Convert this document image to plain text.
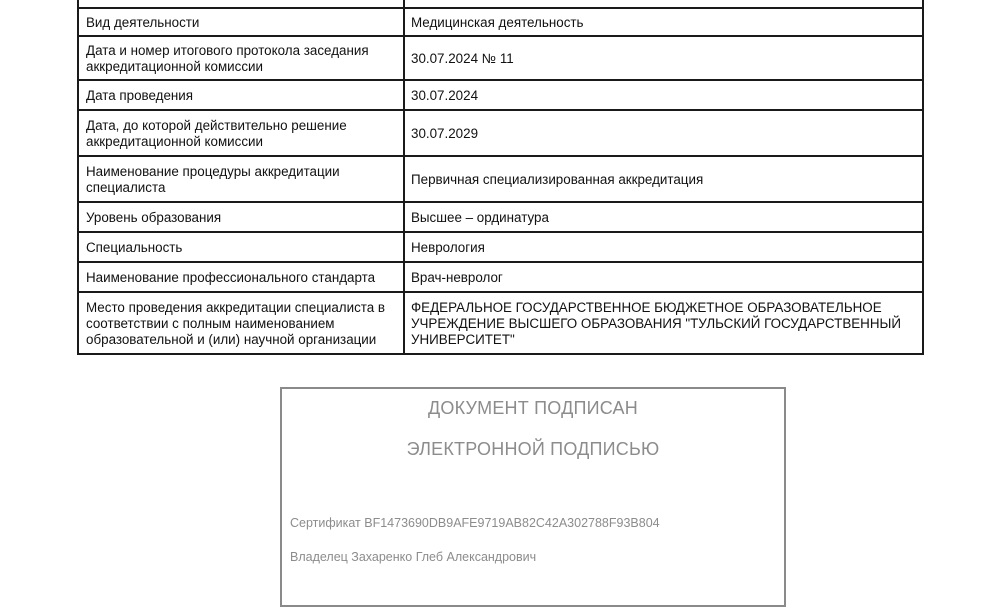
Вид деятельности	Медицинская деятельность
Дата и номер итогового протокола заседания аккредитационной комиссии	30.07.2024 № 11
Дата проведения	30.07.2024
Дата, до которой действительно решение аккредитационной комиссии	30.07.2029
Наименование процедуры аккредитации специалиста	Первичная специализированная аккредитация
Уровень образования	Высшее – ординатура
Специальность	Неврология
Наименование профессионального стандарта	Врач-невролог
Место проведения аккредитации специалиста в соответствии с полным наименованием образовательной и (или) научной организации	ФЕДЕРАЛЬНОЕ ГОСУДАРСТВЕННОЕ БЮДЖЕТНОЕ ОБРАЗОВАТЕЛЬНОЕ УЧРЕЖДЕНИЕ ВЫСШЕГО ОБРАЗОВАНИЯ "ТУЛЬСКИЙ ГОСУДАРСТВЕННЫЙ УНИВЕРСИТЕТ"
ДОКУМЕНТ ПОДПИСАН
ЭЛЕКТРОННОЙ ПОДПИСЬЮ
Сертификат BF1473690DB9AFE9719AB82C42A302788F93B804
Владелец Захаренко Глеб Александрович
